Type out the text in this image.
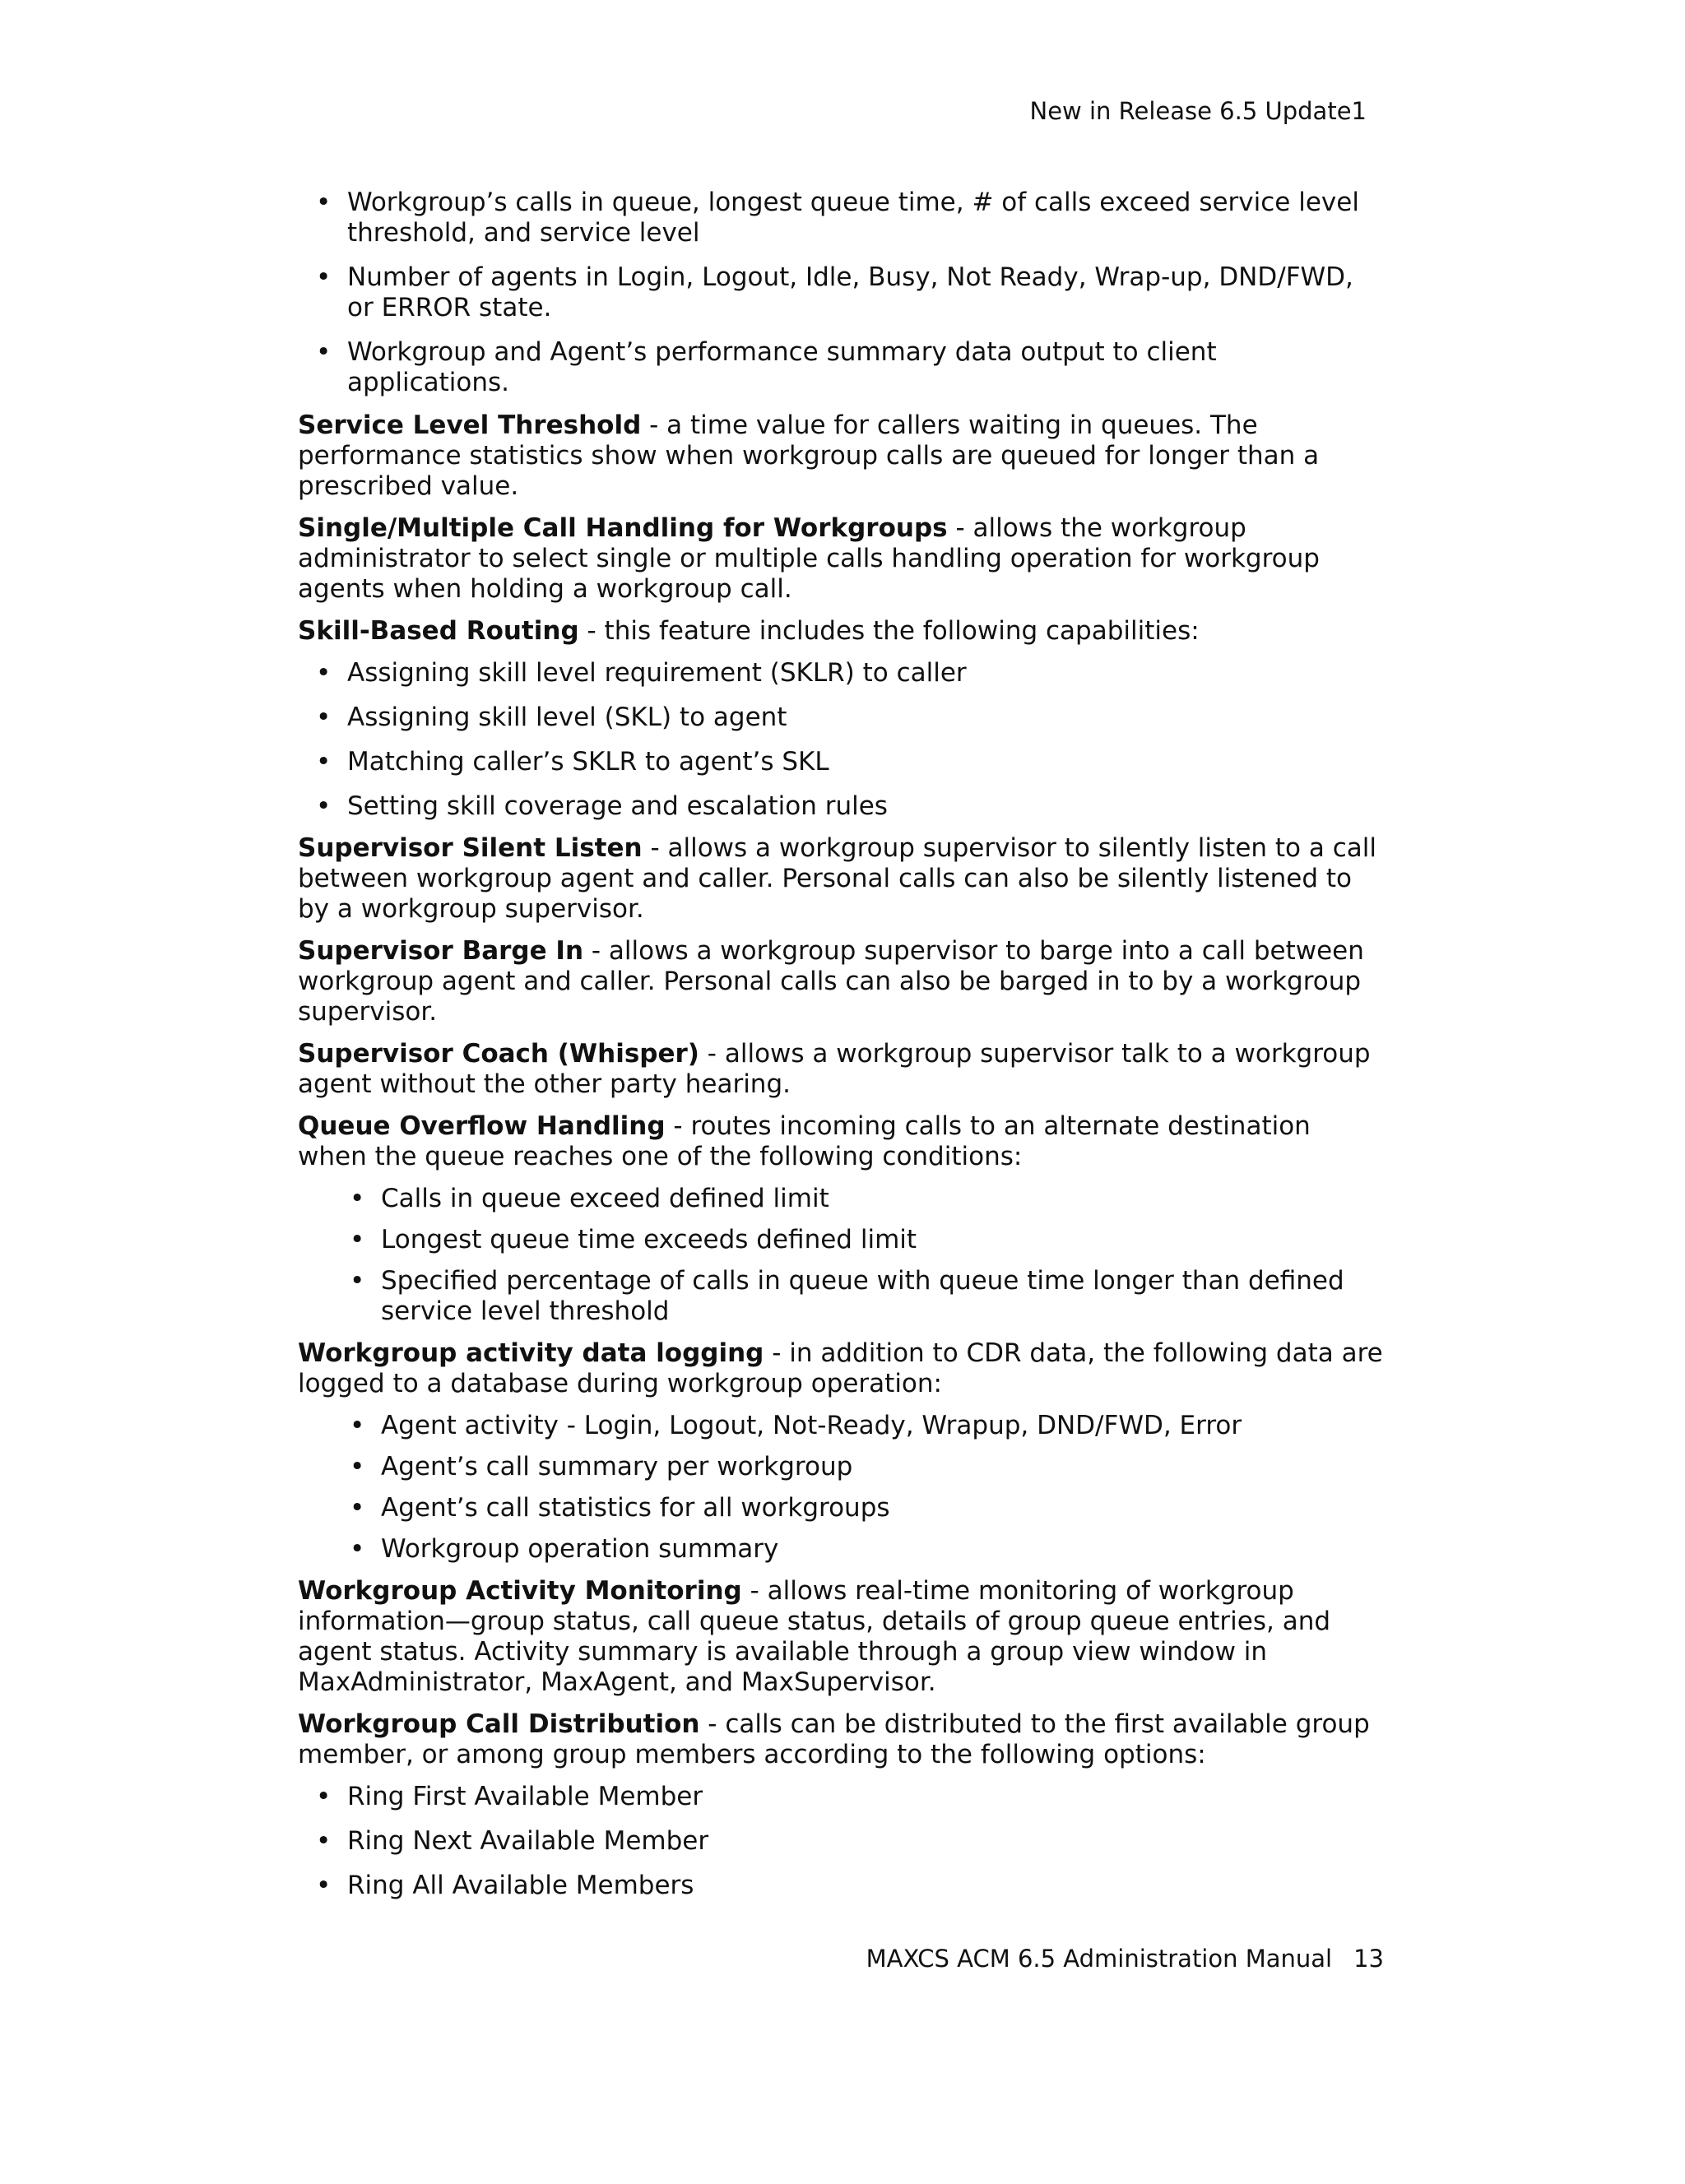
New in Release 6.5 Update1
• Workgroup’s calls in queue, longest queue time, # of calls exceed service level threshold, and service level
• Number of agents in Login, Logout, Idle, Busy, Not Ready, Wrap-up, DND/FWD, or ERROR state.
• Workgroup and Agent’s performance summary data output to client applications.

Service Level Threshold - a time value for callers waiting in queues. The performance statistics show when workgroup calls are queued for longer than a prescribed value.

Single/Multiple Call Handling for Workgroups - allows the workgroup administrator to select single or multiple calls handling operation for workgroup agents when holding a workgroup call.

Skill-Based Routing - this feature includes the following capabilities:

• Assigning skill level requirement (SKLR) to caller
• Assigning skill level (SKL) to agent
• Matching caller’s SKLR to agent’s SKL
• Setting skill coverage and escalation rules

Supervisor Silent Listen - allows a workgroup supervisor to silently listen to a call between workgroup agent and caller. Personal calls can also be silently listened to by a workgroup supervisor.

Supervisor Barge In - allows a workgroup supervisor to barge into a call between workgroup agent and caller. Personal calls can also be barged in to by a workgroup supervisor.

Supervisor Coach (Whisper) - allows a workgroup supervisor talk to a workgroup agent without the other party hearing.

Queue Overflow Handling - routes incoming calls to an alternate destination when the queue reaches one of the following conditions:

• Calls in queue exceed defined limit
• Longest queue time exceeds defined limit
• Specified percentage of calls in queue with queue time longer than defined service level threshold

Workgroup activity data logging - in addition to CDR data, the following data are logged to a database during workgroup operation:

• Agent activity - Login, Logout, Not-Ready, Wrapup, DND/FWD, Error
• Agent’s call summary per workgroup
• Agent’s call statistics for all workgroups
• Workgroup operation summary

Workgroup Activity Monitoring - allows real-time monitoring of workgroup information—group status, call queue status, details of group queue entries, and agent status. Activity summary is available through a group view window in MaxAdministrator, MaxAgent, and MaxSupervisor.

Workgroup Call Distribution - calls can be distributed to the first available group member, or among group members according to the following options:

• Ring First Available Member
• Ring Next Available Member
• Ring All Available Members
MAXCS ACM 6.5 Administration Manual 13
